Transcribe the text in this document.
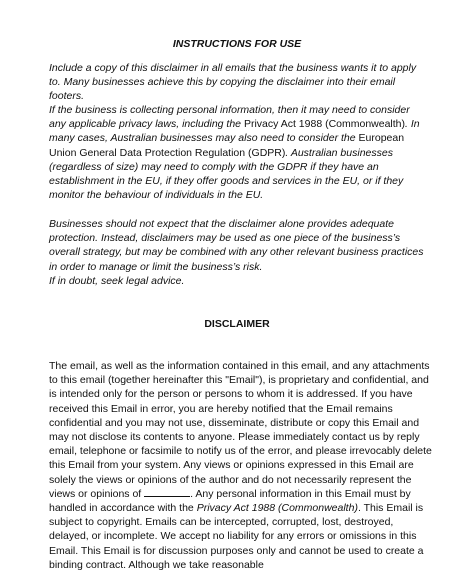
INSTRUCTIONS FOR USE

Include a copy of this disclaimer in all emails that the business wants it to apply to. Many businesses achieve this by copying the disclaimer into their email footers.

If the business is collecting personal information, then it may need to consider any applicable privacy laws, including the Privacy Act 1988 (Commonwealth). In many cases, Australian businesses may also need to consider the European Union General Data Protection Regulation (GDPR). Australian businesses (regardless of size) may need to comply with the GDPR if they have an establishment in the EU, if they offer goods and services in the EU, or if they monitor the behaviour of individuals in the EU.

Businesses should not expect that the disclaimer alone provides adequate protection. Instead, disclaimers may be used as one piece of the business’s overall strategy, but may be combined with any other relevant business practices in order to manage or limit the business’s risk.

If in doubt, seek legal advice.

DISCLAIMER

The email, as well as the information contained in this email, and any attachments to this email (together hereinafter this "Email"), is proprietary and confidential, and is intended only for the person or persons to whom it is addressed. If you have received this Email in error, you are hereby notified that the Email remains confidential and you may not use, disseminate, distribute or copy this Email and may not disclose its contents to anyone. Please immediately contact us by reply email, telephone or facsimile to notify us of the error, and please irrevocably delete this Email from your system. Any views or opinions expressed in this Email are solely the views or opinions of the author and do not necessarily represent the views or opinions of	. Any personal information in this Email must by handled in accordance with the Privacy Act 1988 (Commonwealth). This Email is subject to copyright. Emails can be intercepted, corrupted, lost, destroyed, delayed, or incomplete. We accept no liability for any errors or omissions in this Email. This Email is for discussion purposes only and cannot be used to create a binding contract. Although we take reasonable
